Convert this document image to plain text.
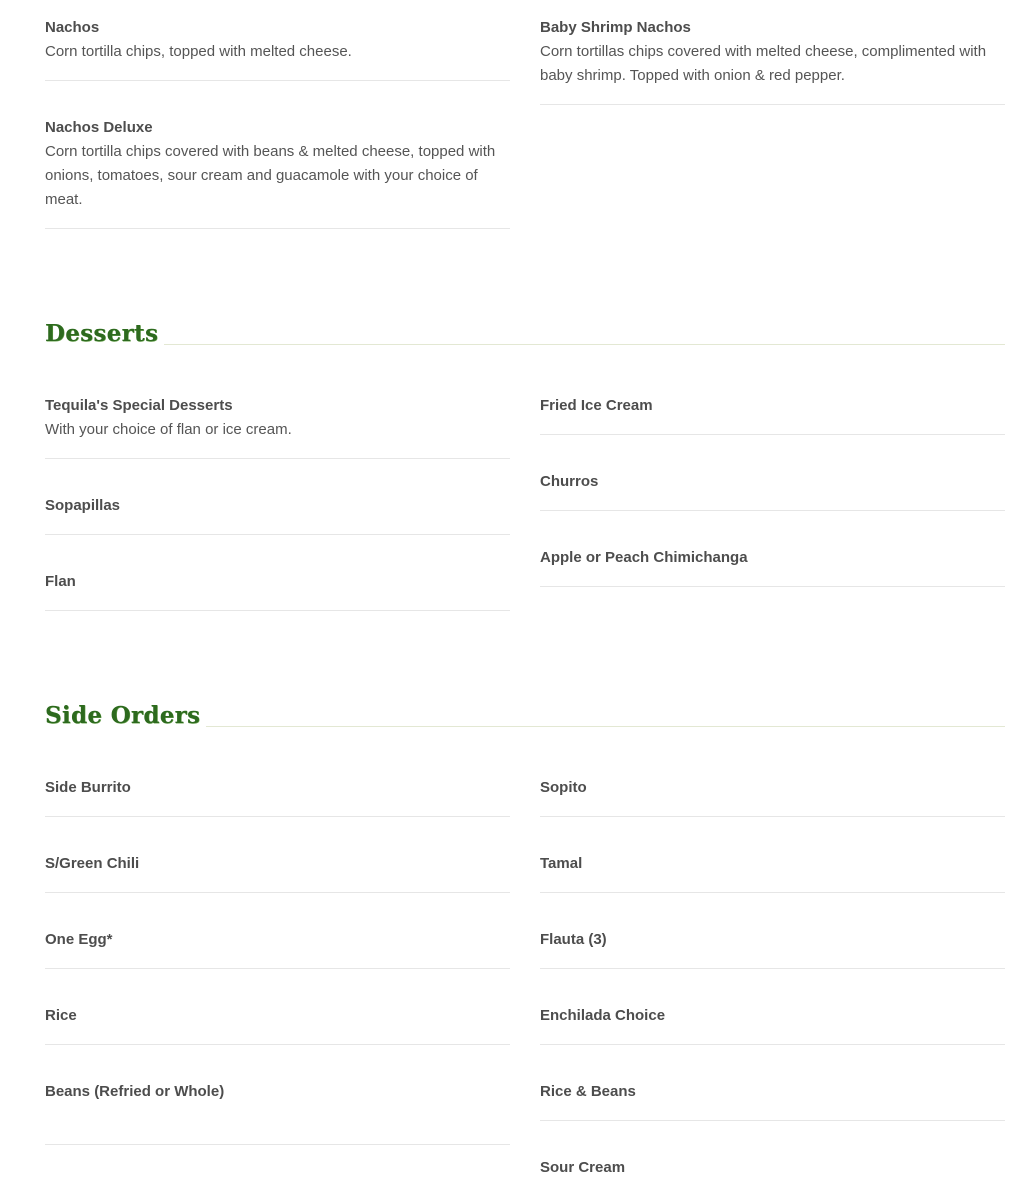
Nachos

Corn tortilla chips, topped with melted cheese.

Nachos Deluxe

Corn tortilla chips covered with beans & melted cheese, topped with onions, tomatoes, sour cream and guacamole with your choice of meat.

Baby Shrimp Nachos

Corn tortillas chips covered with melted cheese, complimented with baby shrimp. Topped with onion & red pepper.

Desserts

Tequila's Special Desserts

With your choice of flan or ice cream.

Sopapillas

Flan

Fried Ice Cream

Churros

Apple or Peach Chimichanga

Side Orders

Side Burrito

S/Green Chili

One Egg*

Rice

Beans (Refried or Whole)

Sopito

Tamal

Flauta (3)

Enchilada Choice

Rice & Beans

Sour Cream
